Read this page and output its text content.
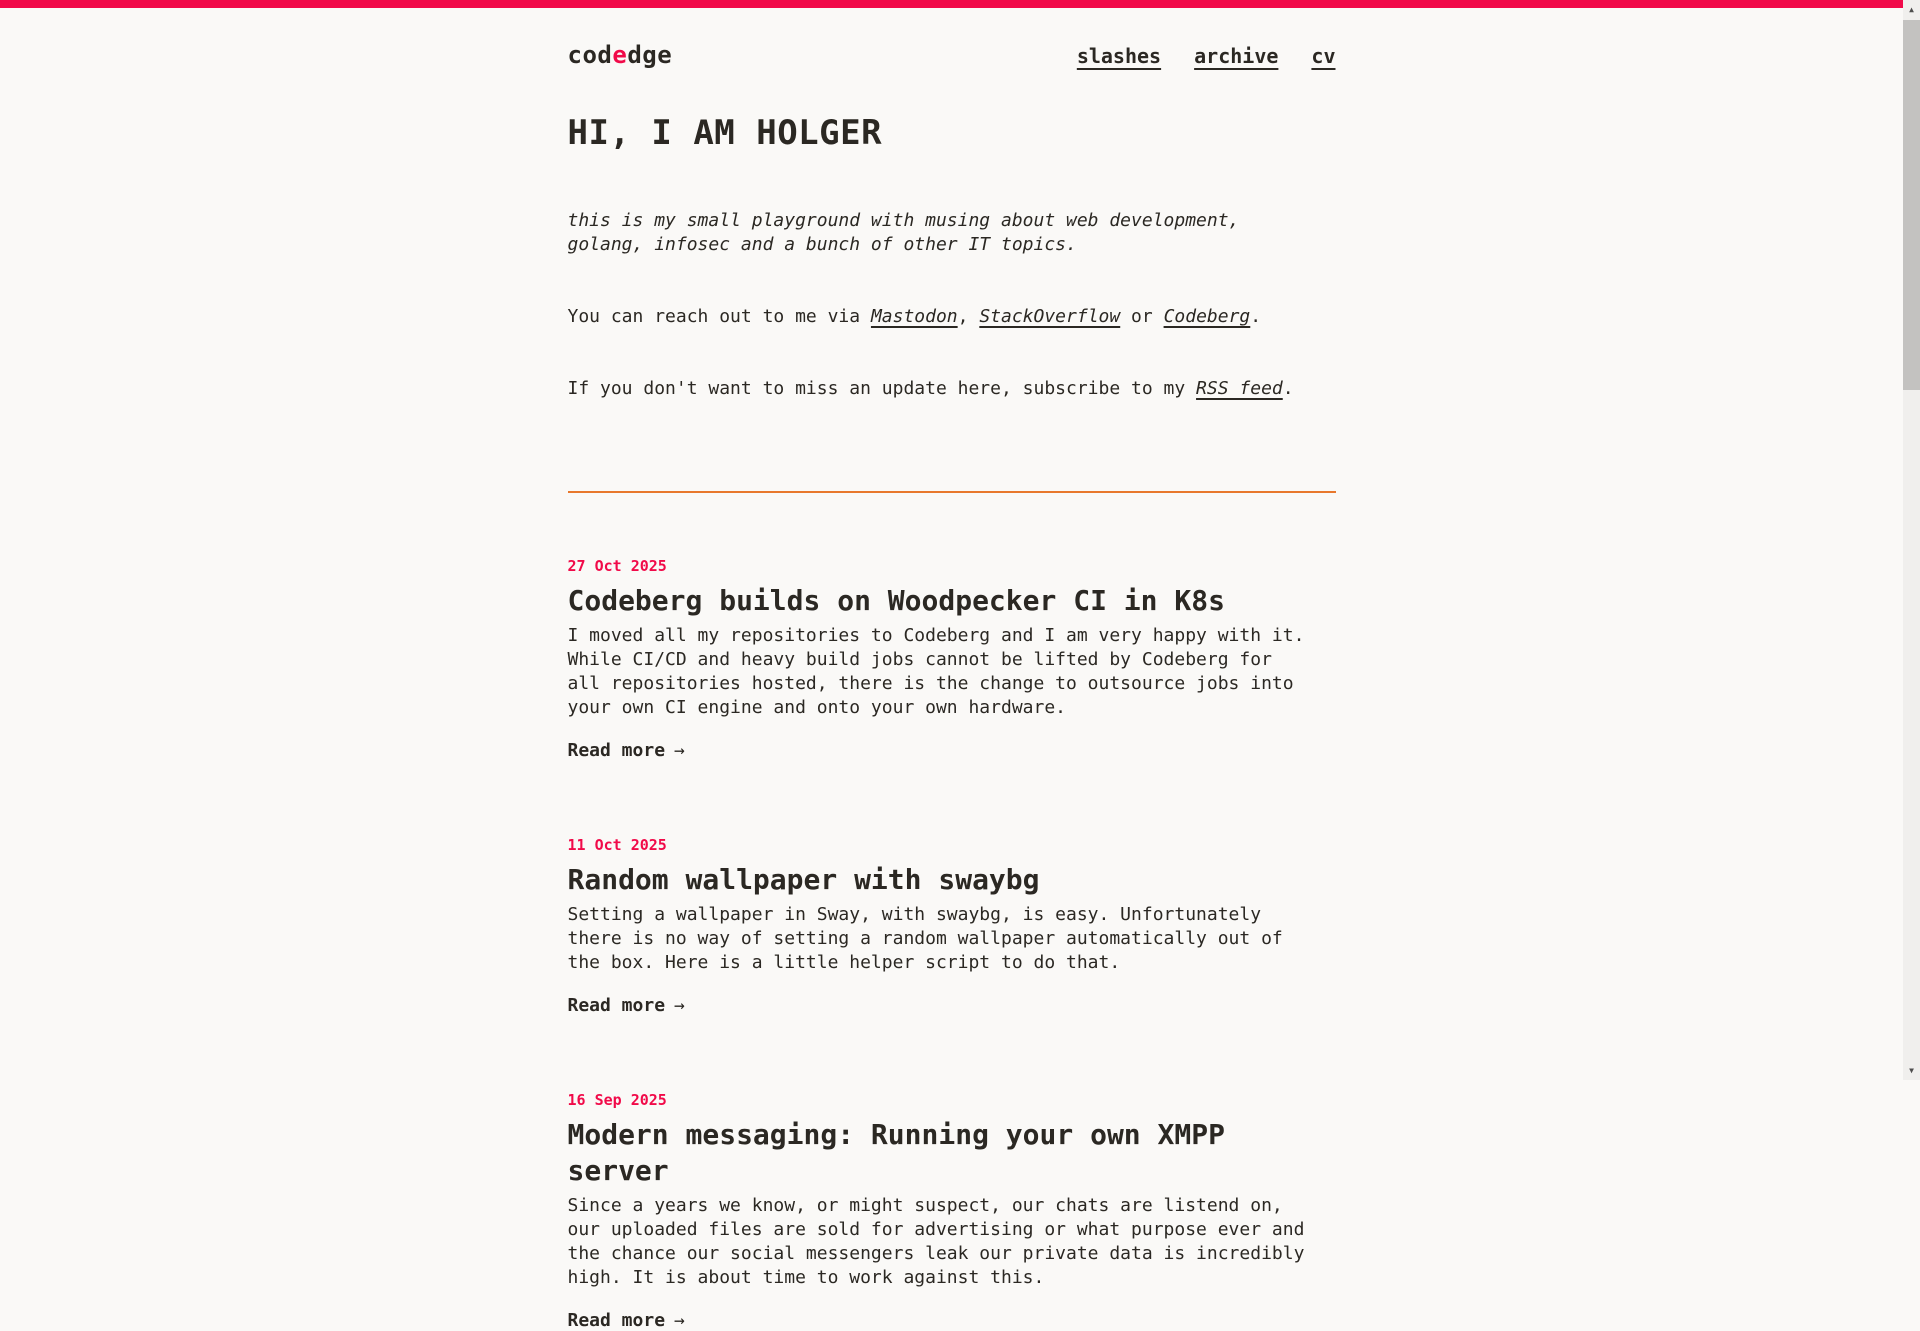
codedge	slashes archive cv
HI, I AM HOLGER

this is my small playground with musing about web development, golang, infosec and a bunch of other IT topics.

You can reach out to me via Mastodon, StackOverflow or Codeberg.

If you don't want to miss an update here, subscribe to my RSS feed.

27 Oct 2025
Codeberg builds on Woodpecker CI in K8s

I moved all my repositories to Codeberg and I am very happy with it. While CI/CD and heavy build jobs cannot be lifted by Codeberg for all repositories hosted, there is the change to outsource jobs into your own CI engine and onto your own hardware.

Read more →
11 Oct 2025
Random wallpaper with swaybg

Setting a wallpaper in Sway, with swaybg, is easy. Unfortunately there is no way of setting a random wallpaper automatically out of the box. Here is a little helper script to do that.

Read more →
16 Sep 2025
Modern messaging: Running your own XMPP server

Since a years we know, or might suspect, our chats are listend on, our uploaded files are sold for advertising or what purpose ever and the chance our social messengers leak our private data is incredibly high. It is about time to work against this.

Read more →
▲
▼
